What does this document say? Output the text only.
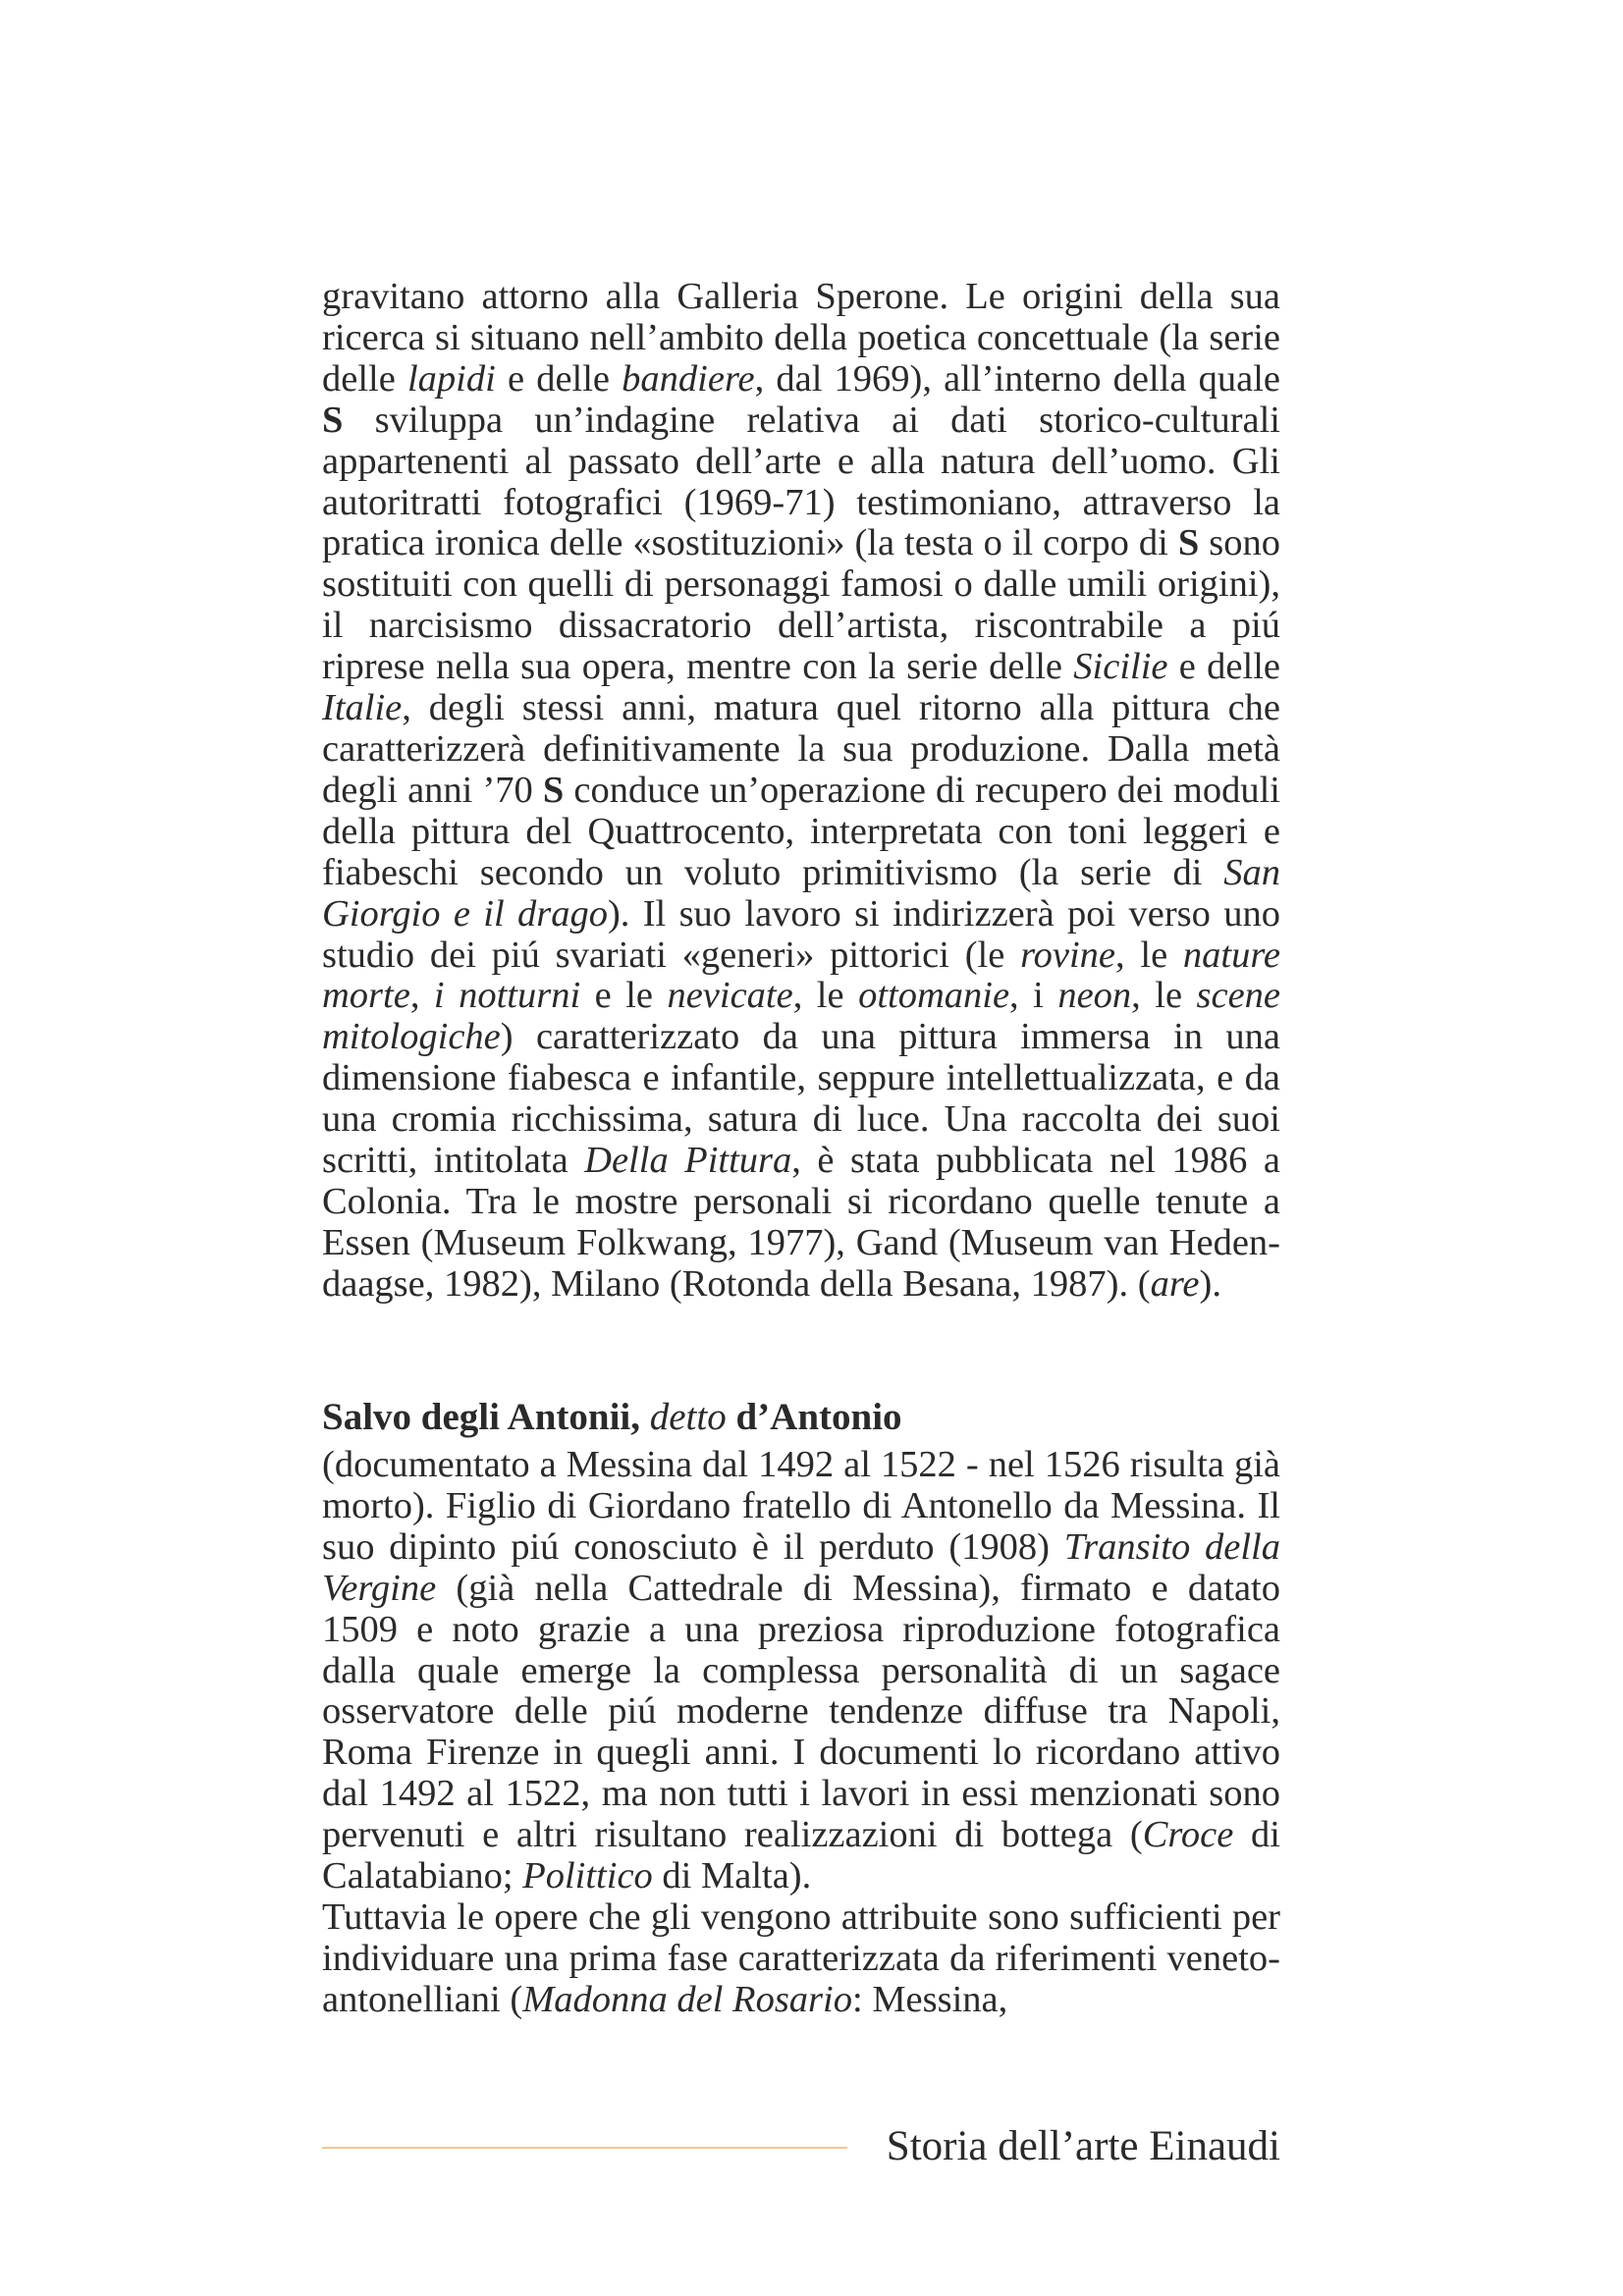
gravitano attorno alla Galleria Sperone. Le origini della sua ricerca si situano nell’ambito della poetica concettuale (la serie delle lapidi e delle bandiere, dal 1969), all’interno della quale S sviluppa un’indagine relativa ai dati storico-culturali appartenenti al passato dell’arte e alla natura dell’uomo. Gli autoritratti fotografici (1969-71) testimoniano, attraverso la pratica ironica delle «sostituzioni» (la testa o il corpo di S sono sostituiti con quelli di personaggi famosi o dalle umili origini), il narcisismo dissacratorio dell’artista, riscontrabile a piú riprese nella sua opera, mentre con la serie delle Sicilie e delle Italie, degli stessi anni, matura quel ritorno alla pittura che caratterizzerà definitivamente la sua produzione. Dalla metà degli anni ’70 S conduce un’operazione di recupero dei moduli della pittura del Quattrocento, interpretata con toni leggeri e fiabeschi secondo un voluto primitivismo (la serie di San Giorgio e il drago). Il suo lavoro si indirizzerà poi verso uno studio dei piú svariati «generi» pittorici (le rovine, le nature morte, i notturni e le nevicate, le ottomanie, i neon, le scene mitologiche) caratterizzato da una pittura immersa in una dimensione fiabesca e infantile, seppure intellettualizzata, e da una cromia ricchissima, satura di luce. Una raccolta dei suoi scritti, intitolata Della Pittura, è stata pubblicata nel 1986 a Colonia. Tra le mostre personali si ricordano quelle tenute a Essen (Museum Folkwang, 1977), Gand (Museum van Hedendaagse, 1982), Milano (Rotonda della Besana, 1987). (are).

Salvo degli Antonii, detto d’Antonio

(documentato a Messina dal 1492 al 1522 - nel 1526 risulta già morto). Figlio di Giordano fratello di Antonello da Messina. Il suo dipinto piú conosciuto è il perduto (1908) Transito della Vergine (già nella Cattedrale di Messina), firmato e datato 1509 e noto grazie a una preziosa riproduzione fotografica dalla quale emerge la complessa personalità di un sagace osservatore delle piú moderne tendenze diffuse tra Napoli, Roma Firenze in quegli anni. I documenti lo ricordano attivo dal 1492 al 1522, ma non tutti i lavori in essi menzionati sono pervenuti e altri risultano realizzazioni di bottega (Croce di Calatabiano; Polittico di Malta).

Tuttavia le opere che gli vengono attribuite sono sufficienti per individuare una prima fase caratterizzata da riferimenti veneto-antonelliani (Madonna del Rosario: Messina,

Storia dell’arte Einaudi
